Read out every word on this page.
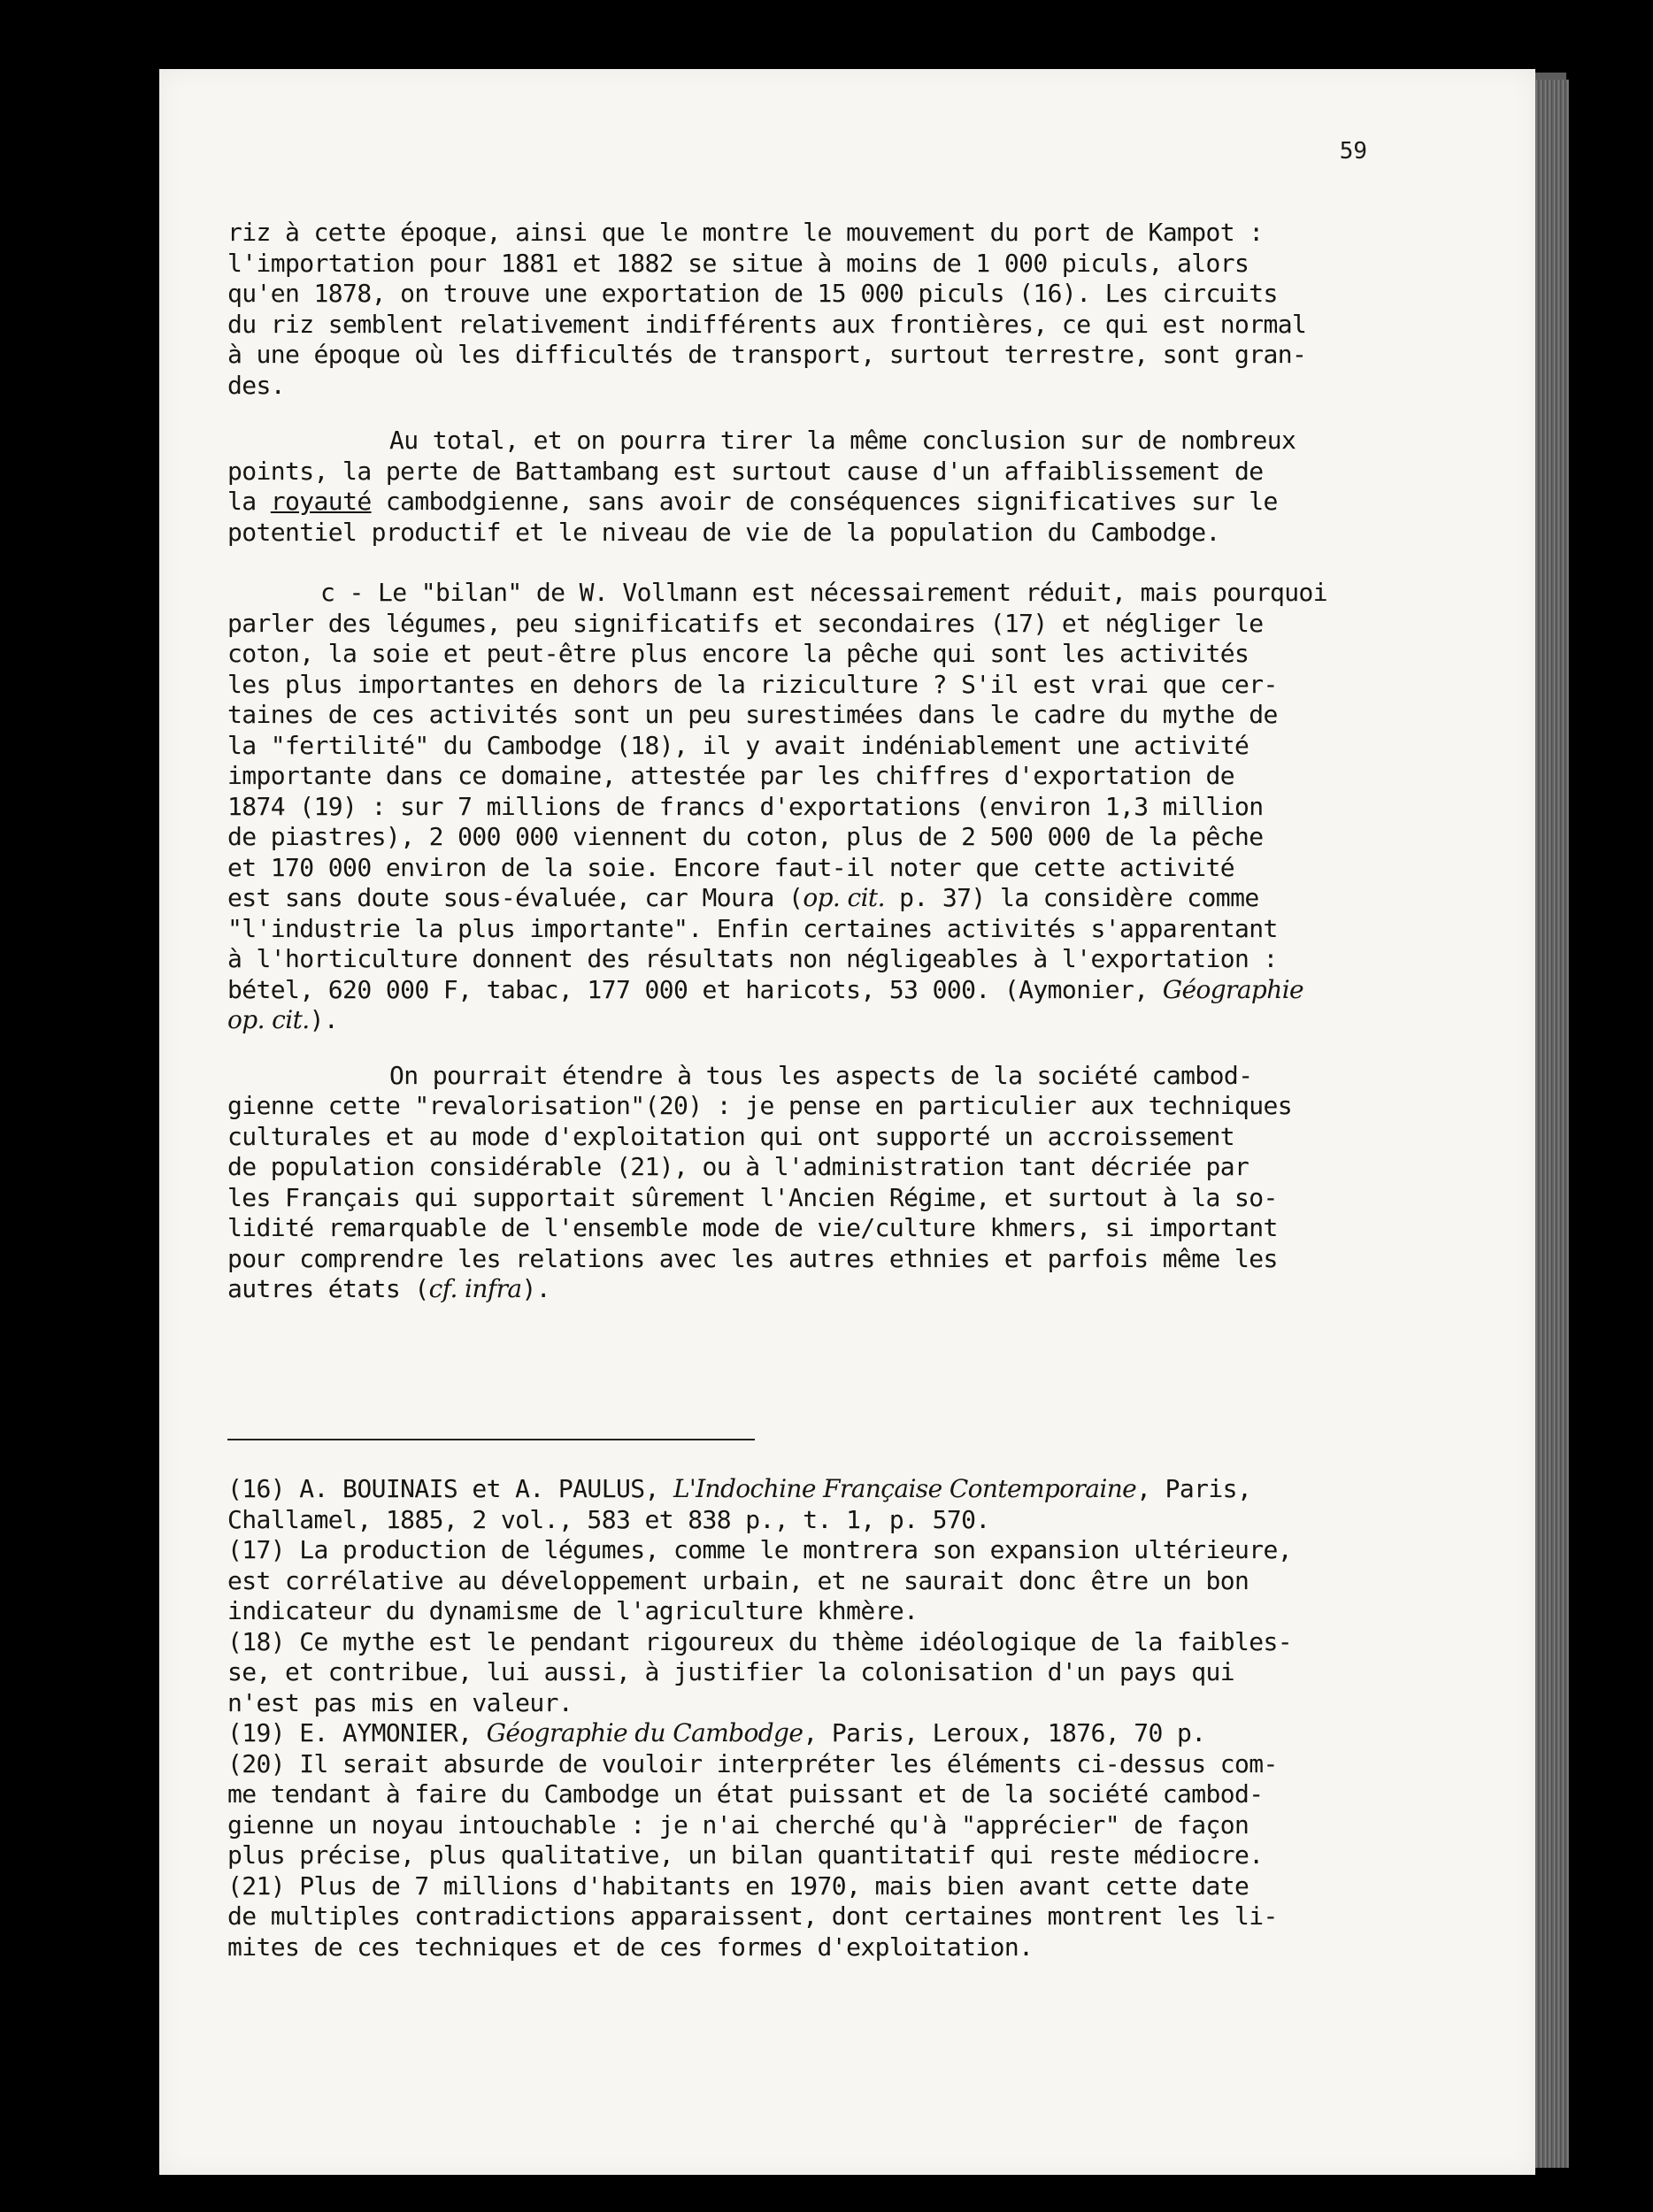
59

riz à cette époque, ainsi que le montre le mouvement du port de Kampot :
l'importation pour 1881 et 1882 se situe à moins de 1 000 piculs, alors
qu'en 1878, on trouve une exportation de 15 000 piculs (16). Les circuits
du riz semblent relativement indifférents aux frontières, ce qui est normal
à une époque où les difficultés de transport, surtout terrestre, sont gran-
des.

Au total, et on pourra tirer la même conclusion sur de nombreux
points, la perte de Battambang est surtout cause d'un affaiblissement de
la royauté cambodgienne, sans avoir de conséquences significatives sur le
potentiel productif et le niveau de vie de la population du Cambodge.

c - Le "bilan" de W. Vollmann est nécessairement réduit, mais pourquoi
parler des légumes, peu significatifs et secondaires (17) et négliger le
coton, la soie et peut-être plus encore la pêche qui sont les activités
les plus importantes en dehors de la riziculture ? S'il est vrai que cer-
taines de ces activités sont un peu surestimées dans le cadre du mythe de
la "fertilité" du Cambodge (18), il y avait indéniablement une activité
importante dans ce domaine, attestée par les chiffres d'exportation de
1874 (19) : sur 7 millions de francs d'exportations (environ 1,3 million
de piastres), 2 000 000 viennent du coton, plus de 2 500 000 de la pêche
et 170 000 environ de la soie. Encore faut-il noter que cette activité
est sans doute sous-évaluée, car Moura (op. cit. p. 37) la considère comme
"l'industrie la plus importante". Enfin certaines activités s'apparentant
à l'horticulture donnent des résultats non négligeables à l'exportation :
bétel, 620 000 F, tabac, 177 000 et haricots, 53 000. (Aymonier, Géographie
op. cit.).

On pourrait étendre à tous les aspects de la société cambod-
gienne cette "revalorisation"(20) : je pense en particulier aux techniques
culturales et au mode d'exploitation qui ont supporté un accroissement
de population considérable (21), ou à l'administration tant décriée par
les Français qui supportait sûrement l'Ancien Régime, et surtout à la so-
lidité remarquable de l'ensemble mode de vie/culture khmers, si important
pour comprendre les relations avec les autres ethnies et parfois même les
autres états (cf. infra).

(16) A. BOUINAIS et A. PAULUS, L'Indochine Française Contemporaine, Paris,
Challamel, 1885, 2 vol., 583 et 838 p., t. 1, p. 570.
(17) La production de légumes, comme le montrera son expansion ultérieure,
est corrélative au développement urbain, et ne saurait donc être un bon
indicateur du dynamisme de l'agriculture khmère.
(18) Ce mythe est le pendant rigoureux du thème idéologique de la faibles-
se, et contribue, lui aussi, à justifier la colonisation d'un pays qui
n'est pas mis en valeur.
(19) E. AYMONIER, Géographie du Cambodge, Paris, Leroux, 1876, 70 p.
(20) Il serait absurde de vouloir interpréter les éléments ci-dessus com-
me tendant à faire du Cambodge un état puissant et de la société cambod-
gienne un noyau intouchable : je n'ai cherché qu'à "apprécier" de façon
plus précise, plus qualitative, un bilan quantitatif qui reste médiocre.
(21) Plus de 7 millions d'habitants en 1970, mais bien avant cette date
de multiples contradictions apparaissent, dont certaines montrent les li-
mites de ces techniques et de ces formes d'exploitation.
